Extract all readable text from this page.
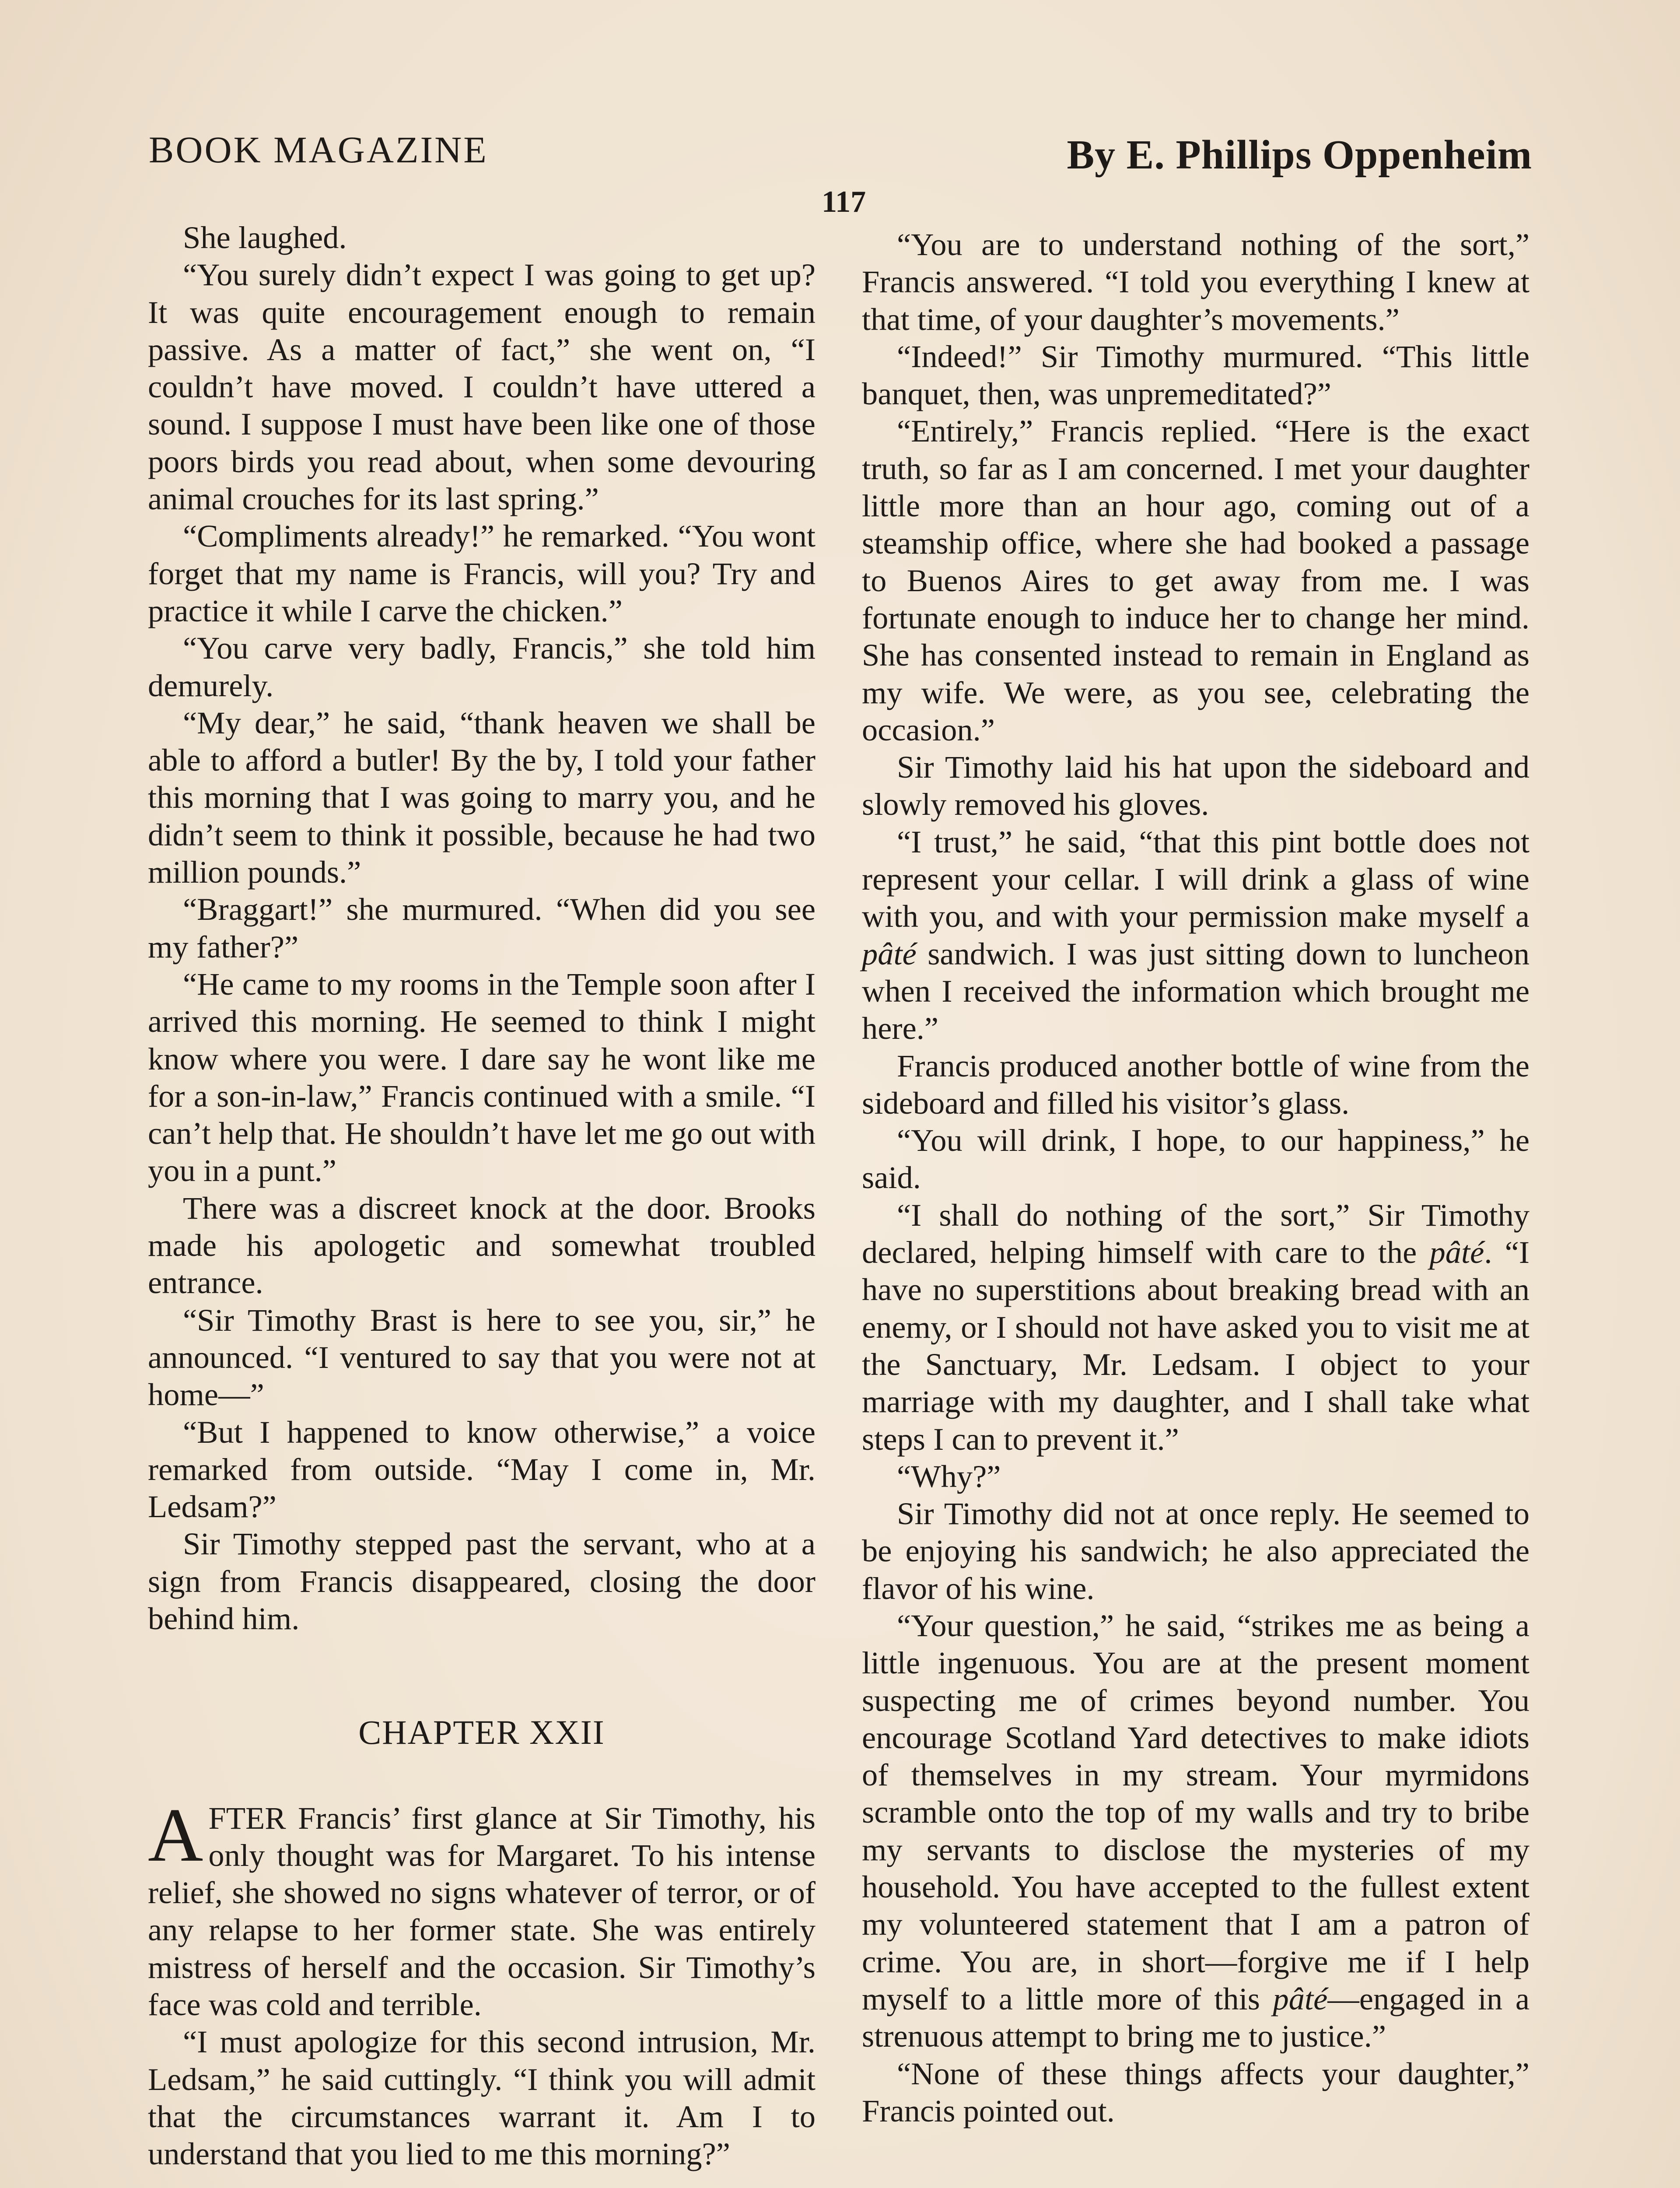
BOOK MAGAZINE	By E. Phillips Oppenheim
117

She laughed.

“You surely didn’t expect I was going to get up? It was quite encouragement enough to remain passive. As a matter of fact,” she went on, “I couldn’t have moved. I couldn’t have uttered a sound. I suppose I must have been like one of those poors birds you read about, when some devouring animal crouches for its last spring.”

“Compliments already!” he remarked. “You wont forget that my name is Francis, will you? Try and practice it while I carve the chicken.”

“You carve very badly, Francis,” she told him demurely.

“My dear,” he said, “thank heaven we shall be able to afford a butler! By the by, I told your father this morning that I was going to marry you, and he didn’t seem to think it possible, because he had two million pounds.”

“Braggart!” she murmured. “When did you see my father?”

“He came to my rooms in the Temple soon after I arrived this morning. He seemed to think I might know where you were. I dare say he wont like me for a son-in-law,” Francis continued with a smile. “I can’t help that. He shouldn’t have let me go out with you in a punt.”

There was a discreet knock at the door. Brooks made his apologetic and somewhat troubled entrance.

“Sir Timothy Brast is here to see you, sir,” he announced. “I ventured to say that you were not at home—”

“But I happened to know otherwise,” a voice remarked from outside. “May I come in, Mr. Ledsam?”

Sir Timothy stepped past the servant, who at a sign from Francis disappeared, closing the door behind him.

CHAPTER XXII

AFTER Francis’ first glance at Sir Timothy, his only thought was for Margaret. To his intense relief, she showed no signs whatever of terror, or of any relapse to her former state. She was entirely mistress of herself and the occasion. Sir Timothy’s face was cold and terrible.

“I must apologize for this second intrusion, Mr. Ledsam,” he said cuttingly. “I think you will admit that the circumstances warrant it. Am I to understand that you lied to me this morning?”

“You are to understand nothing of the sort,” Francis answered. “I told you everything I knew at that time, of your daughter’s movements.”

“Indeed!” Sir Timothy murmured. “This little banquet, then, was unpremeditated?”

“Entirely,” Francis replied. “Here is the exact truth, so far as I am concerned. I met your daughter little more than an hour ago, coming out of a steamship office, where she had booked a passage to Buenos Aires to get away from me. I was fortunate enough to induce her to change her mind. She has consented instead to remain in England as my wife. We were, as you see, celebrating the occasion.”

Sir Timothy laid his hat upon the sideboard and slowly removed his gloves.

“I trust,” he said, “that this pint bottle does not represent your cellar. I will drink a glass of wine with you, and with your permission make myself a pâté sandwich. I was just sitting down to luncheon when I received the information which brought me here.”

Francis produced another bottle of wine from the sideboard and filled his visitor’s glass.

“You will drink, I hope, to our happiness,” he said.

“I shall do nothing of the sort,” Sir Timothy declared, helping himself with care to the pâté. “I have no superstitions about breaking bread with an enemy, or I should not have asked you to visit me at the Sanctuary, Mr. Ledsam. I object to your marriage with my daughter, and I shall take what steps I can to prevent it.”

“Why?”

Sir Timothy did not at once reply. He seemed to be enjoying his sandwich; he also appreciated the flavor of his wine.

“Your question,” he said, “strikes me as being a little ingenuous. You are at the present moment suspecting me of crimes beyond number. You encourage Scotland Yard detectives to make idiots of themselves in my stream. Your myrmidons scramble onto the top of my walls and try to bribe my servants to disclose the mysteries of my household. You have accepted to the fullest extent my volunteered statement that I am a patron of crime. You are, in short—forgive me if I help myself to a little more of this pâté—engaged in a strenuous attempt to bring me to justice.”

“None of these things affects your daughter,” Francis pointed out.
